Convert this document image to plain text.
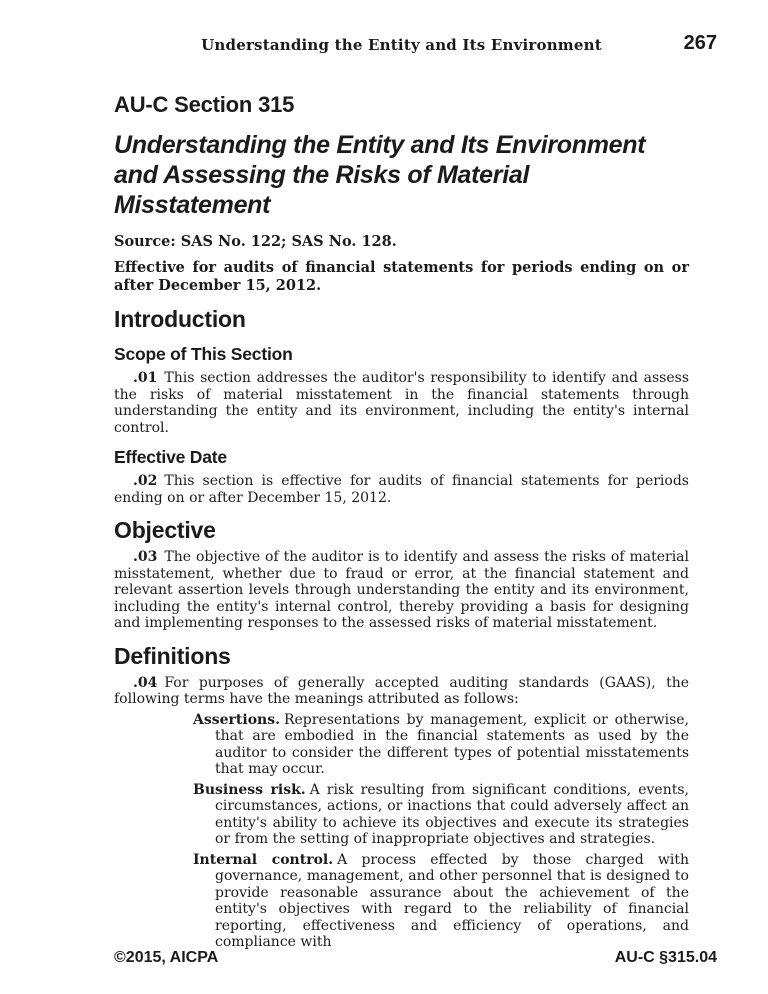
Understanding the Entity and Its Environment	267
AU-C Section 315
Understanding the Entity and Its Environment
and Assessing the Risks of Material
Misstatement
Source: SAS No. 122; SAS No. 128.
Effective for audits of financial statements for periods ending on or after December 15, 2012.
Introduction
Scope of This Section

.01 This section addresses the auditor's responsibility to identify and assess the risks of material misstatement in the financial statements through understanding the entity and its environment, including the entity's internal control.

Effective Date

.02 This section is effective for audits of financial statements for periods ending on or after December 15, 2012.

Objective

.03 The objective of the auditor is to identify and assess the risks of material misstatement, whether due to fraud or error, at the financial statement and relevant assertion levels through understanding the entity and its environment, including the entity's internal control, thereby providing a basis for designing and implementing responses to the assessed risks of material misstatement.

Definitions

.04 For purposes of generally accepted auditing standards (GAAS), the following terms have the meanings attributed as follows:

Assertions. Representations by management, explicit or otherwise, that are embodied in the financial statements as used by the auditor to consider the different types of potential misstatements that may occur.

Business risk. A risk resulting from significant conditions, events, circumstances, actions, or inactions that could adversely affect an entity's ability to achieve its objectives and execute its strategies or from the setting of inappropriate objectives and strategies.

Internal control. A process effected by those charged with governance, management, and other personnel that is designed to provide reasonable assurance about the achievement of the entity's objectives with regard to the reliability of financial reporting, effectiveness and efficiency of operations, and compliance with

©2015, AICPA	AU-C §315.04
